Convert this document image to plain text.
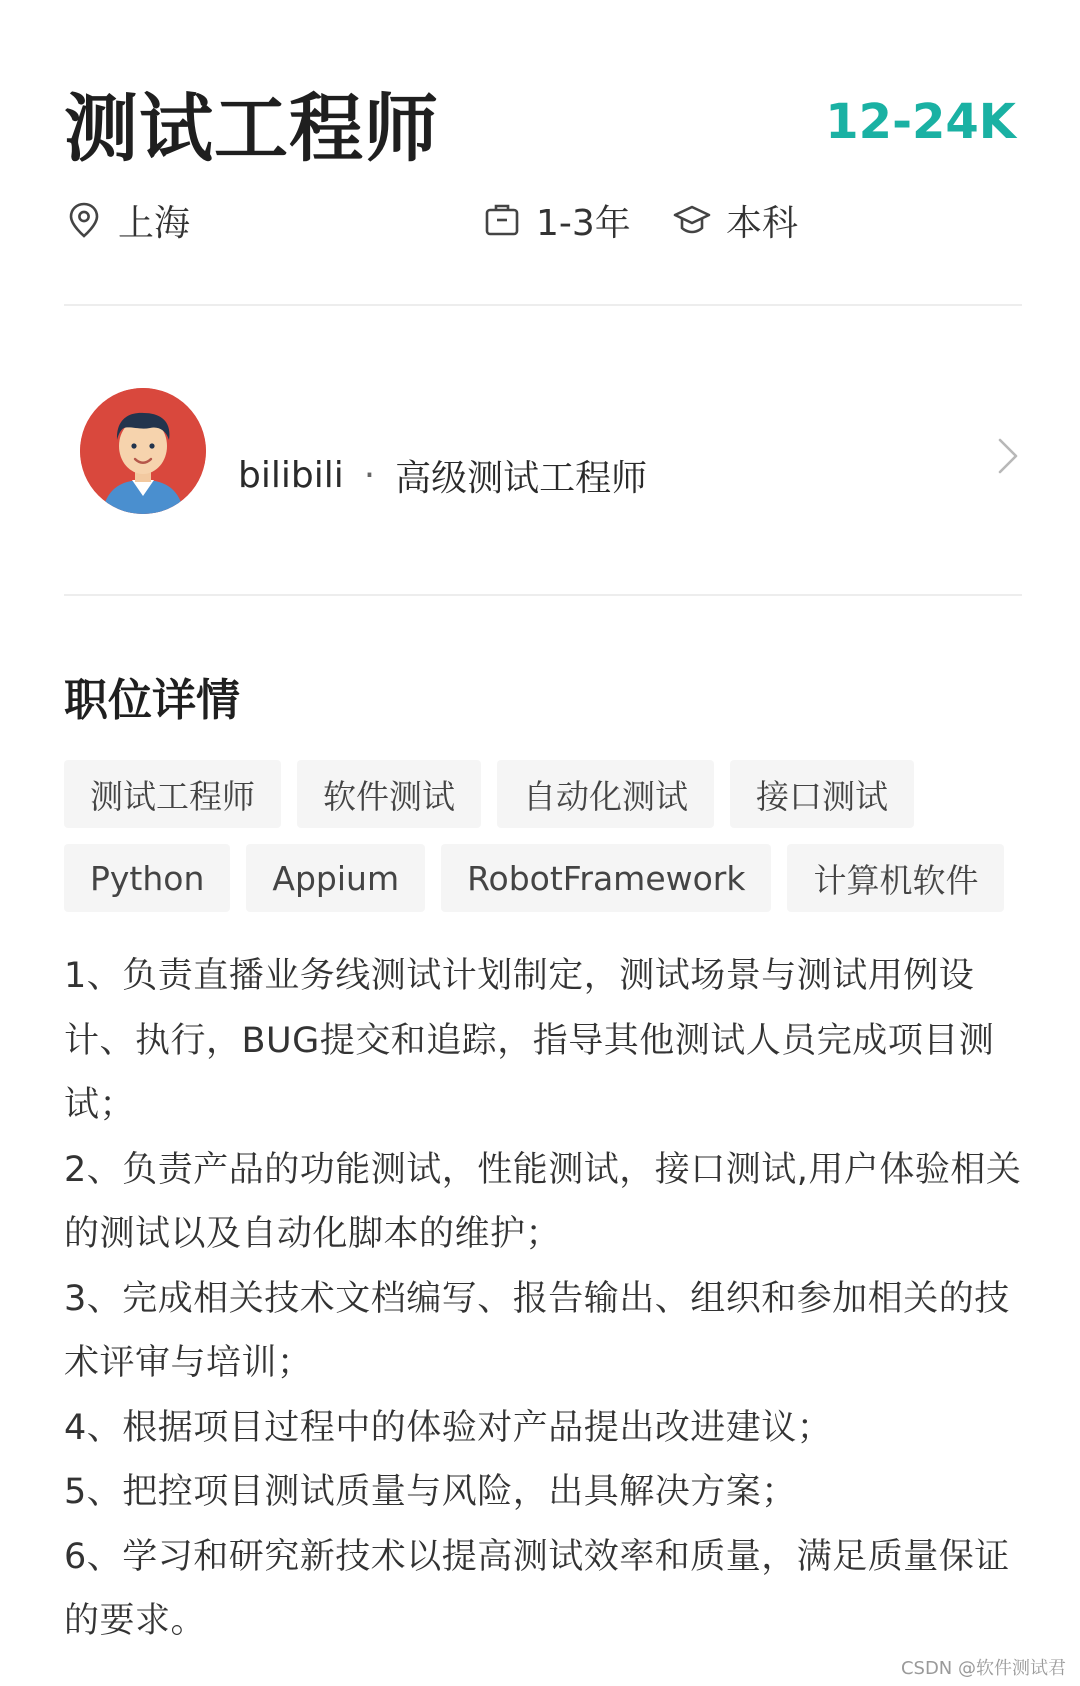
测试工程师	12-24K
上海	1-3年	本科
bilibili · 高级测试工程师
职位详情
测试工程师	软件测试	自动化测试	接口测试
Python	Appium	RobotFramework	计算机软件

1、负责直播业务线测试计划制定，测试场景与测试用例设计、执行，BUG提交和追踪，指导其他测试人员完成项目测试；

2、负责产品的功能测试，性能测试，接口测试,用户体验相关的测试以及自动化脚本的维护；

3、完成相关技术文档编写、报告输出、组织和参加相关的技术评审与培训；

4、根据项目过程中的体验对产品提出改进建议；

5、把控项目测试质量与风险，出具解决方案；

6、学习和研究新技术以提高测试效率和质量，满足质量保证的要求。

CSDN @软件测试君
